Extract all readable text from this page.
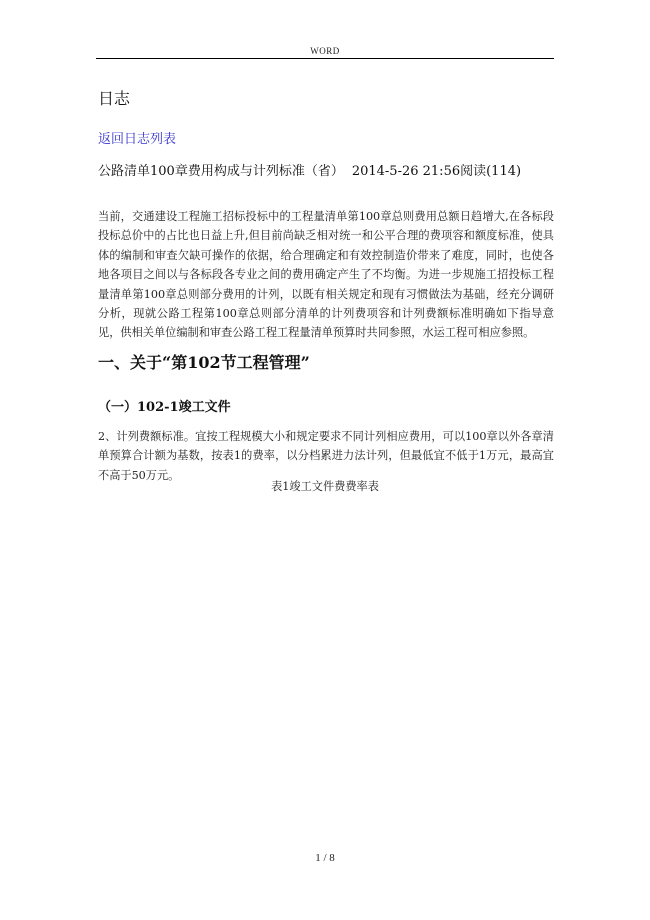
WORD
日志
返回日志列表
公路清单100章费用构成与计列标准（省） 2014-5-26 21:56阅读(114)

当前，交通建设工程施工招标投标中的工程量清单第100章总则费用总额日趋增大,在各标段投标总价中的占比也日益上升,但目前尚缺乏相对统一和公平合理的费项容和额度标准，使具体的编制和审查欠缺可操作的依据，给合理确定和有效控制造价带来了难度，同时，也使各地各项目之间以与各标段各专业之间的费用确定产生了不均衡。为进一步规施工招投标工程量清单第100章总则部分费用的计列，以既有相关规定和现有习惯做法为基础，经充分调研分析，现就公路工程第100章总则部分清单的计列费项容和计列费额标准明确如下指导意见，供相关单位编制和审查公路工程工程量清单预算时共同参照，水运工程可相应参照。

一、关于“第102节工程管理”
（一）102-1竣工文件

2、计列费额标准。宜按工程规模大小和规定要求不同计列相应费用，可以100章以外各章清单预算合计额为基数，按表1的费率，以分档累进力法计列，但最低宜不低于1万元，最高宜不高于50万元。

表1竣工文件费费率表
1 / 8
